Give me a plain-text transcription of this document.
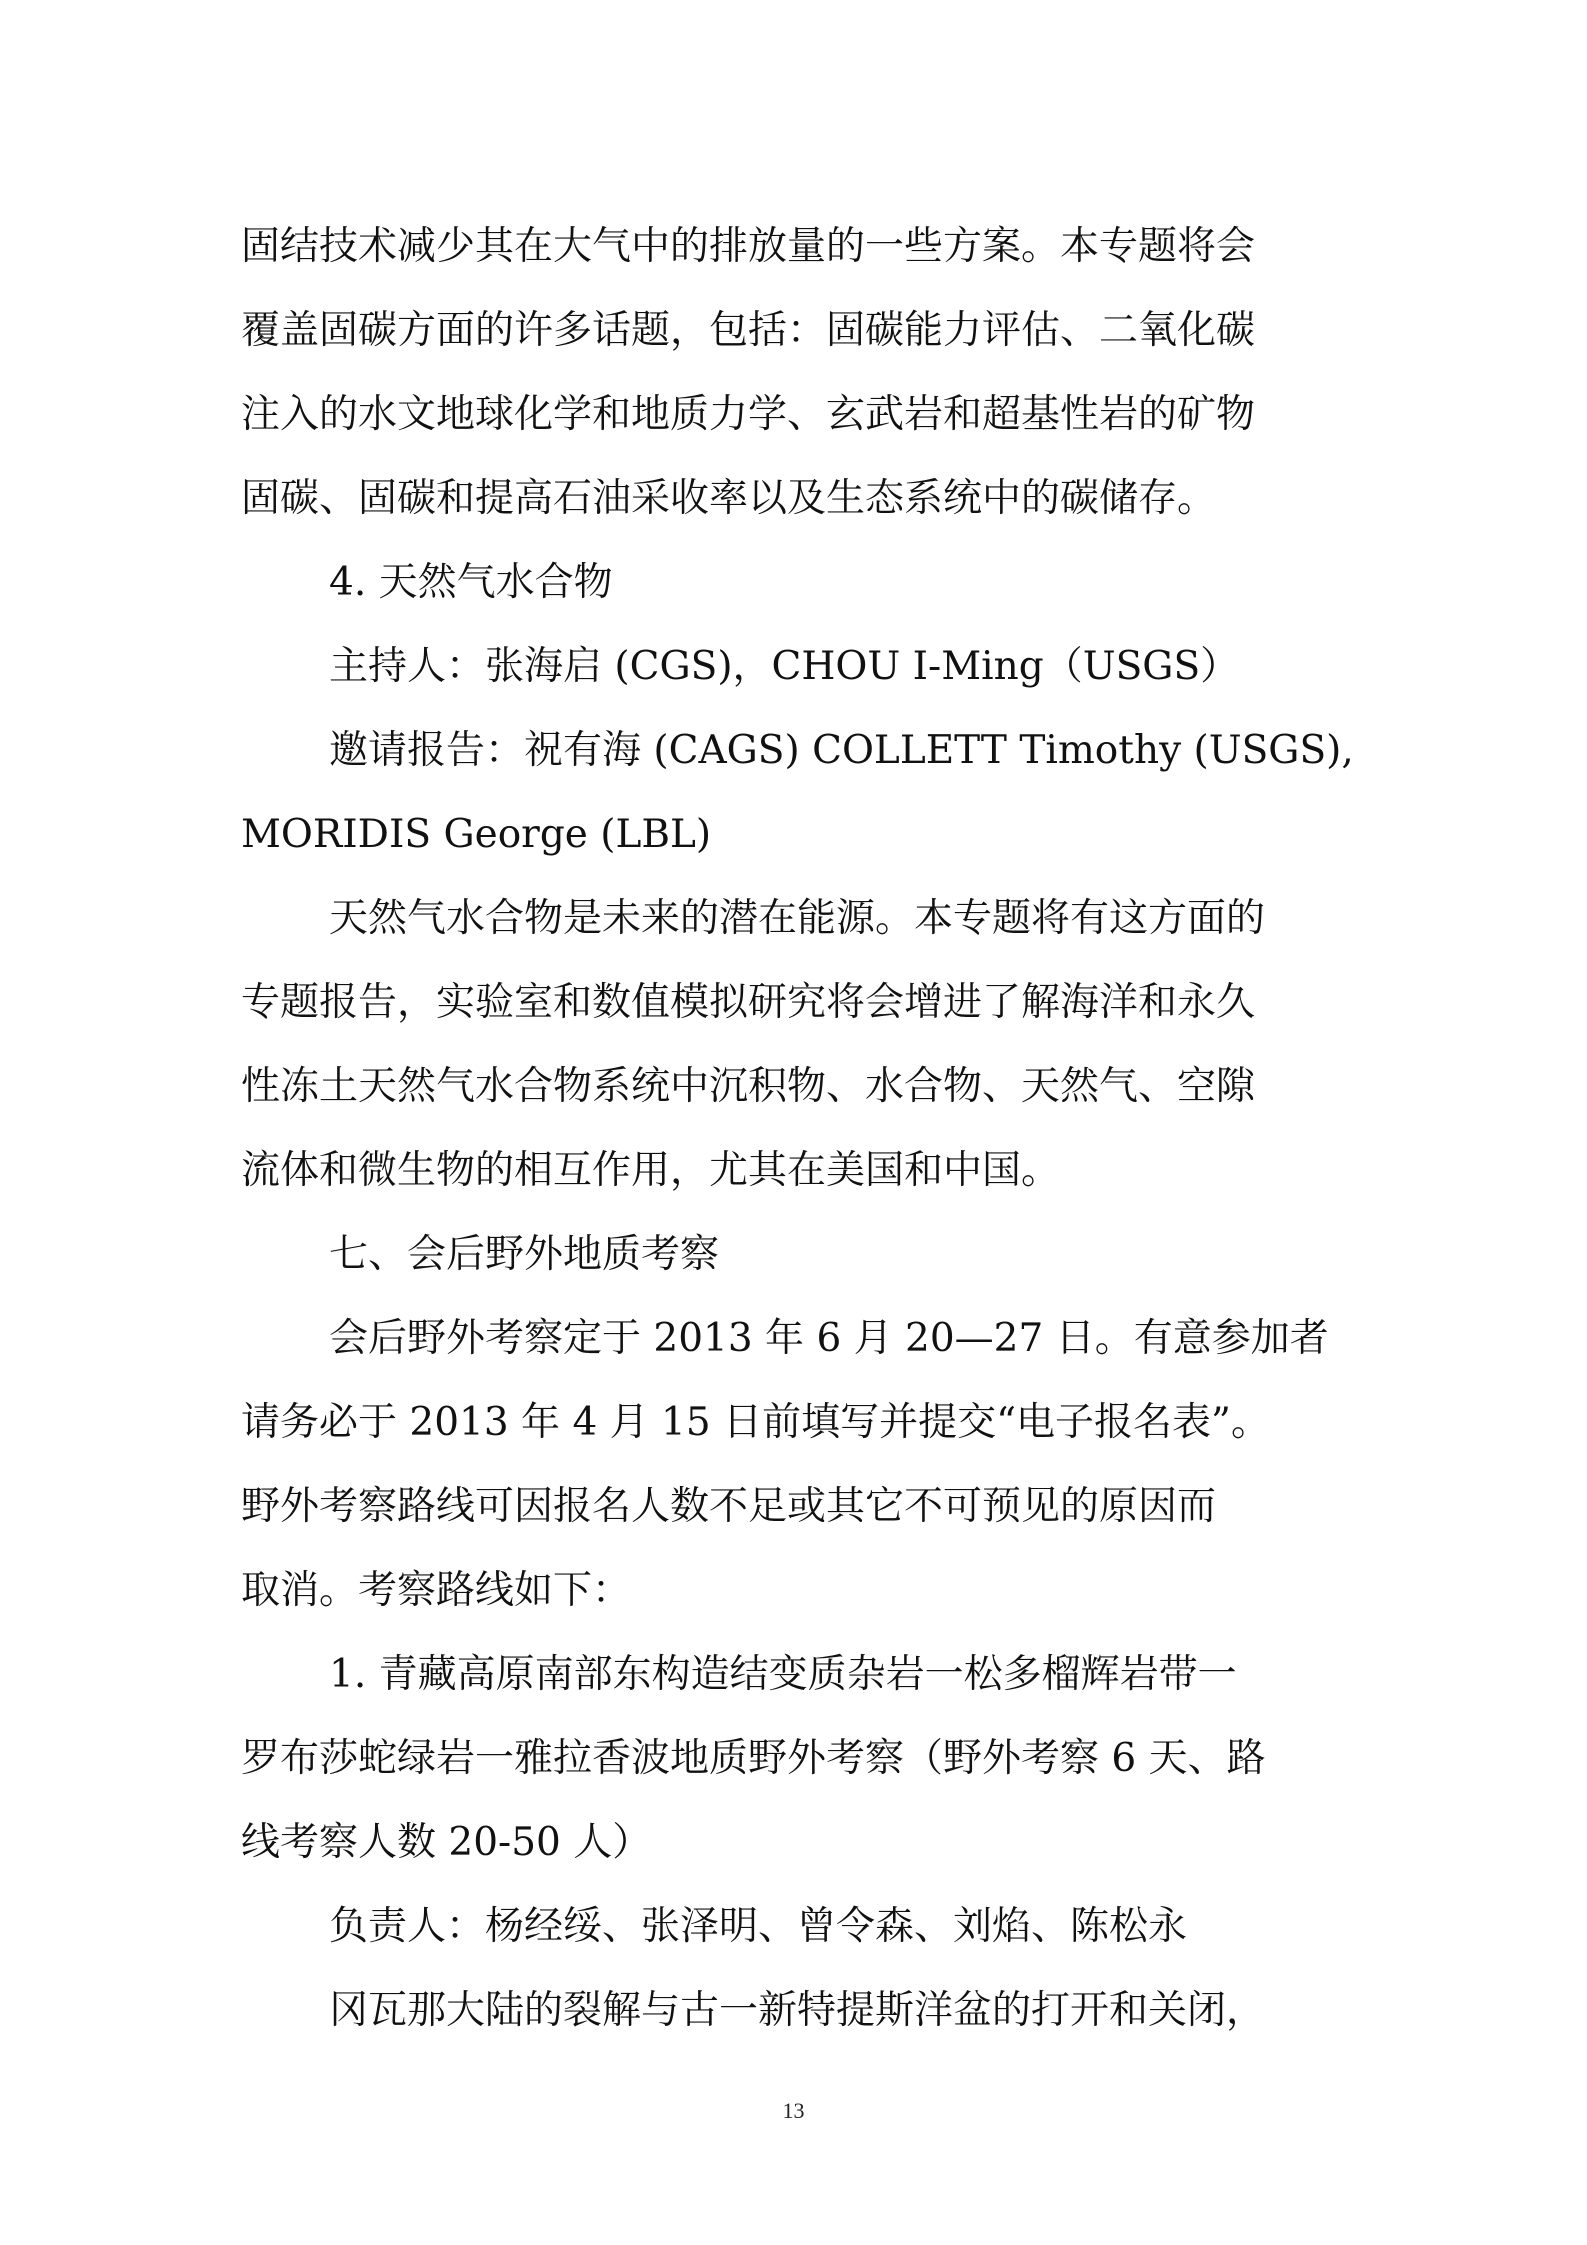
固结技术减少其在大气中的排放量的一些方案。本专题将会
覆盖固碳方面的许多话题，包括：固碳能力评估、二氧化碳
注入的水文地球化学和地质力学、玄武岩和超基性岩的矿物
固碳、固碳和提高石油采收率以及生态系统中的碳储存。
4. 天然气水合物
主持人：张海启 (CGS)，CHOU I-Ming（USGS）
邀请报告：祝有海 (CAGS) COLLETT Timothy (USGS),
MORIDIS George (LBL)
天然气水合物是未来的潜在能源。本专题将有这方面的
专题报告，实验室和数值模拟研究将会增进了解海洋和永久
性冻土天然气水合物系统中沉积物、水合物、天然气、空隙
流体和微生物的相互作用，尤其在美国和中国。
七、会后野外地质考察
会后野外考察定于 2013 年 6 月 20—27 日。有意参加者
请务必于 2013 年 4 月 15 日前填写并提交“电子报名表”。
野外考察路线可因报名人数不足或其它不可预见的原因而
取消。考察路线如下：
1. 青藏高原南部东构造结变质杂岩一松多榴辉岩带一
罗布莎蛇绿岩一雅拉香波地质野外考察（野外考察 6 天、路
线考察人数 20-50 人）
负责人：杨经绥、张泽明、曾令森、刘焰、陈松永
冈瓦那大陆的裂解与古一新特提斯洋盆的打开和关闭，
13
